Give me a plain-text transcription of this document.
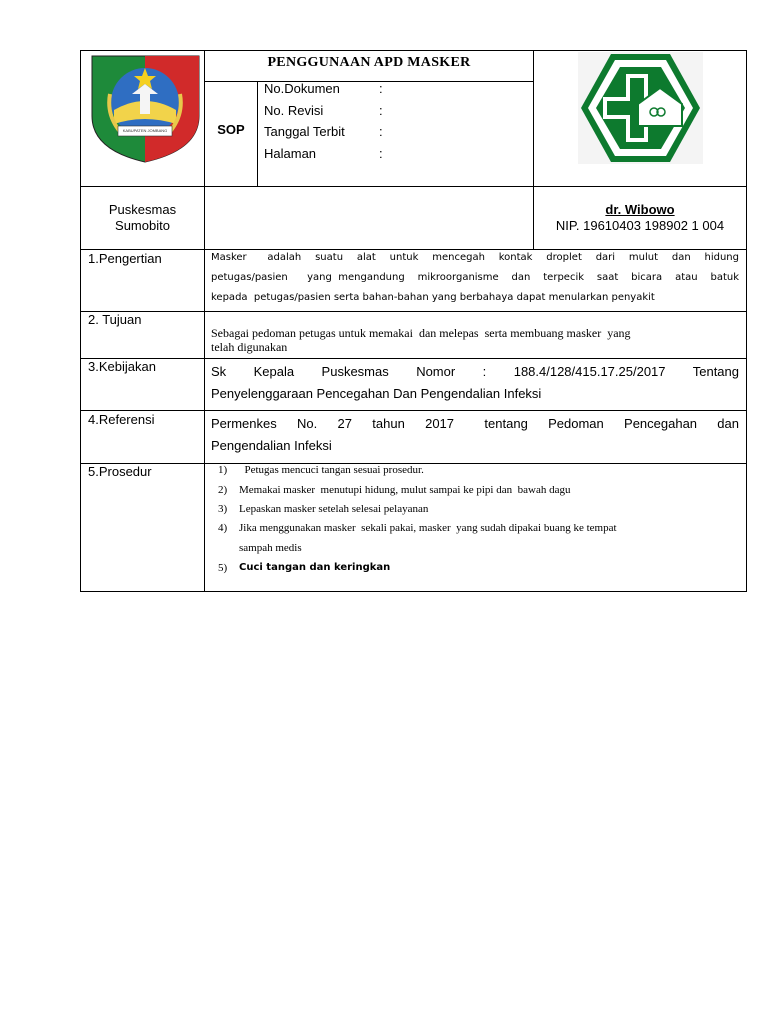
KABUPATEN JOMBANG
PENGGUNAAN APD MASKER
SOP
No.Dokumen	:
No. Revisi	:
Tanggal Terbit	:
Halaman	:
Puskesmas
Sumobito
dr. Wibowo
NIP. 19610403 198902 1 004
1.Pengertian	Masker   adalah  suatu  alat  untuk  mencegah  kontak  droplet  dari  mulut  dan  hidung
petugas/pasien   yang mengandung  mikroorganisme  dan  terpecik  saat  bicara  atau  batuk
kepada  petugas/pasien serta bahan-bahan yang berbahaya dapat menularkan penyakit
2. Tujuan
Sebagai pedoman petugas untuk memakai  dan melepas  serta membuang masker  yang
telah digunakan
3.Kebijakan	Sk   Kepala   Puskesmas   Nomor   :   188.4/128/415.17.25/2017   Tentang
Penyelenggaraan Pencegahan Dan Pengendalian Infeksi
4.Referensi	Permenkes  No.  27  tahun  2017   tentang  Pedoman  Pencegahan  dan
Pengendalian Infeksi
5.Prosedur	1) Petugas mencuci tangan sesuai prosedur.
2) Memakai masker  menutupi hidung, mulut sampai ke pipi dan  bawah dagu
3) Lepaskan masker setelah selesai pelayanan
4) Jika menggunakan masker  sekali pakai, masker  yang sudah dipakai buang ke tempat
sampah medis
5) Cuci tangan dan keringkan
